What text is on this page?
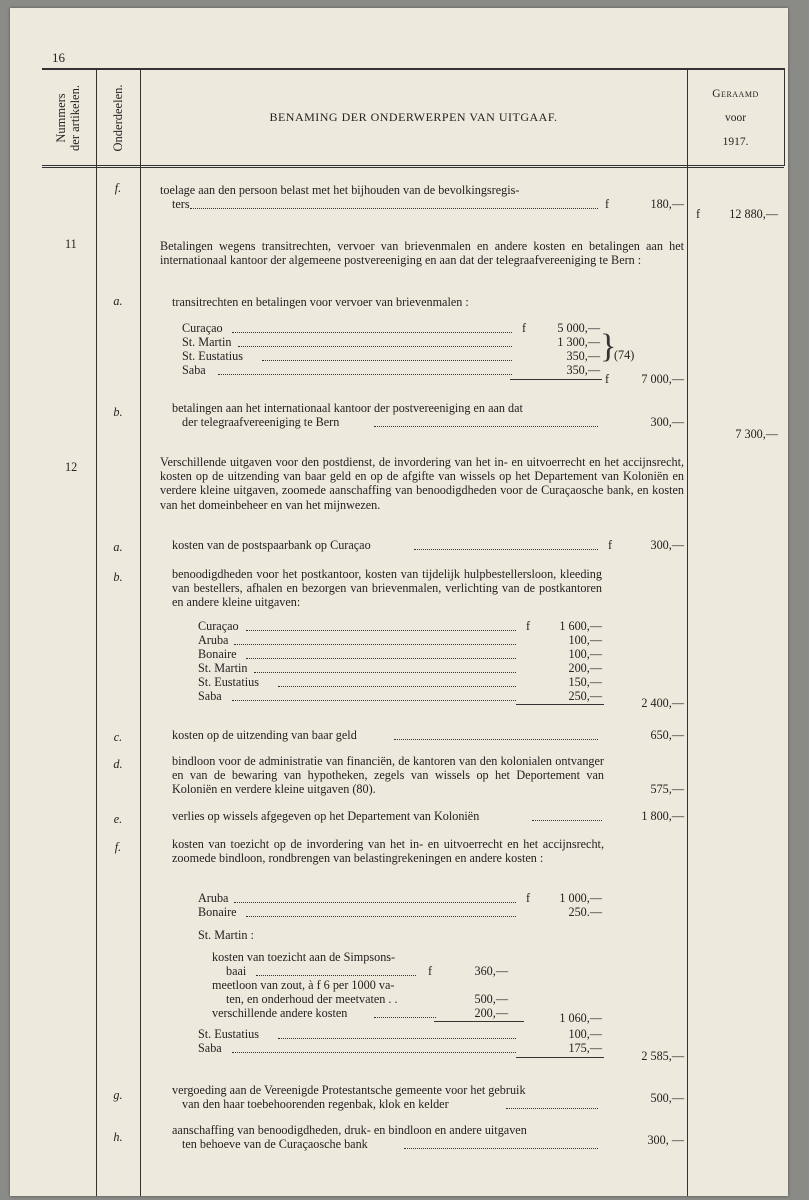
16
Nummers der artikelen. Onderdeelen.	BENAMING DER ONDERWERPEN VAN UITGAAF.
Geraamd
voor
1917.
f.	toelage aan den persoon belast met het bijhouden van de bevolkingsregis-
ters	f	180,—
f	12 880,—
11	Betalingen wegens transitrechten, vervoer van brievenmalen en andere kosten en betalingen aan het internationaal kantoor der algemeene postvereeniging en aan dat der telegraafvereeniging te Bern :
a.	transitrechten en betalingen voor vervoer van brievenmalen :
Curaçao	f	5 000,—
St. Martin	1 300,—
St. Eustatius	350,—
Saba	350,—
}
(74)
f	7 000,—
b.	betalingen aan het internationaal kantoor der postvereeniging en aan dat
der telegraafvereeniging te Bern	300,—
7 300,—
12	Verschillende uitgaven voor den postdienst, de invordering van het in- en uitvoerrecht en het accijnsrecht, kosten op de uitzending van baar geld en op de afgifte van wissels op het Departement van Koloniën en verdere kleine uitgaven, zoomede aanschaffing van benoodigdheden voor de Curaçaosche bank, en kosten van het domeinbeheer en van het mijnwezen.
a.	kosten van de postspaarbank op Curaçao	f	300,—
b.	benoodigdheden voor het postkantoor, kosten van tijdelijk hulpbestellersloon, kleeding van bestellers, afhalen en bezorgen van brievenmalen, verlichting van de postkantoren en andere kleine uitgaven:
Curaçao	f	1 600,—
Aruba	100,—
Bonaire	100,—
St. Martin	200,—
St. Eustatius	150,—
Saba	250,—	2 400,—
c.	kosten op de uitzending van baar geld	650,—
d.	bindloon voor de administratie van financiën, de kantoren van den kolonialen ontvanger en van de bewaring van hypotheken, zegels van wissels op het Deportement van Koloniën en verdere kleine uitgaven (80).	575,—
e.	verlies op wissels afgegeven op het Departement van Koloniën	1 800,—
f.	kosten van toezicht op de invordering van het in- en uitvoerrecht en het accijnsrecht, zoomede bindloon, rondbrengen van belastingrekeningen en andere kosten :
Aruba	f	1 000,—
Bonaire	250.—
St. Martin :
kosten van toezicht aan de Simpsons-
baai	f	360,—
meetloon van zout, à f 6 per 1000 va-
ten, en onderhoud der meetvaten . .	500,—
verschillende andere kosten	200,—	1 060,—
St. Eustatius	100,—
Saba	175,—
2 585,—
g.	vergoeding aan de Vereenigde Protestantsche gemeente voor het gebruik
van den haar toebehoorenden regenbak, klok en kelder	500,—
h.	aanschaffing van benoodigdheden, druk- en bindloon en andere uitgaven
ten behoeve van de Curaçaosche bank	300, —
